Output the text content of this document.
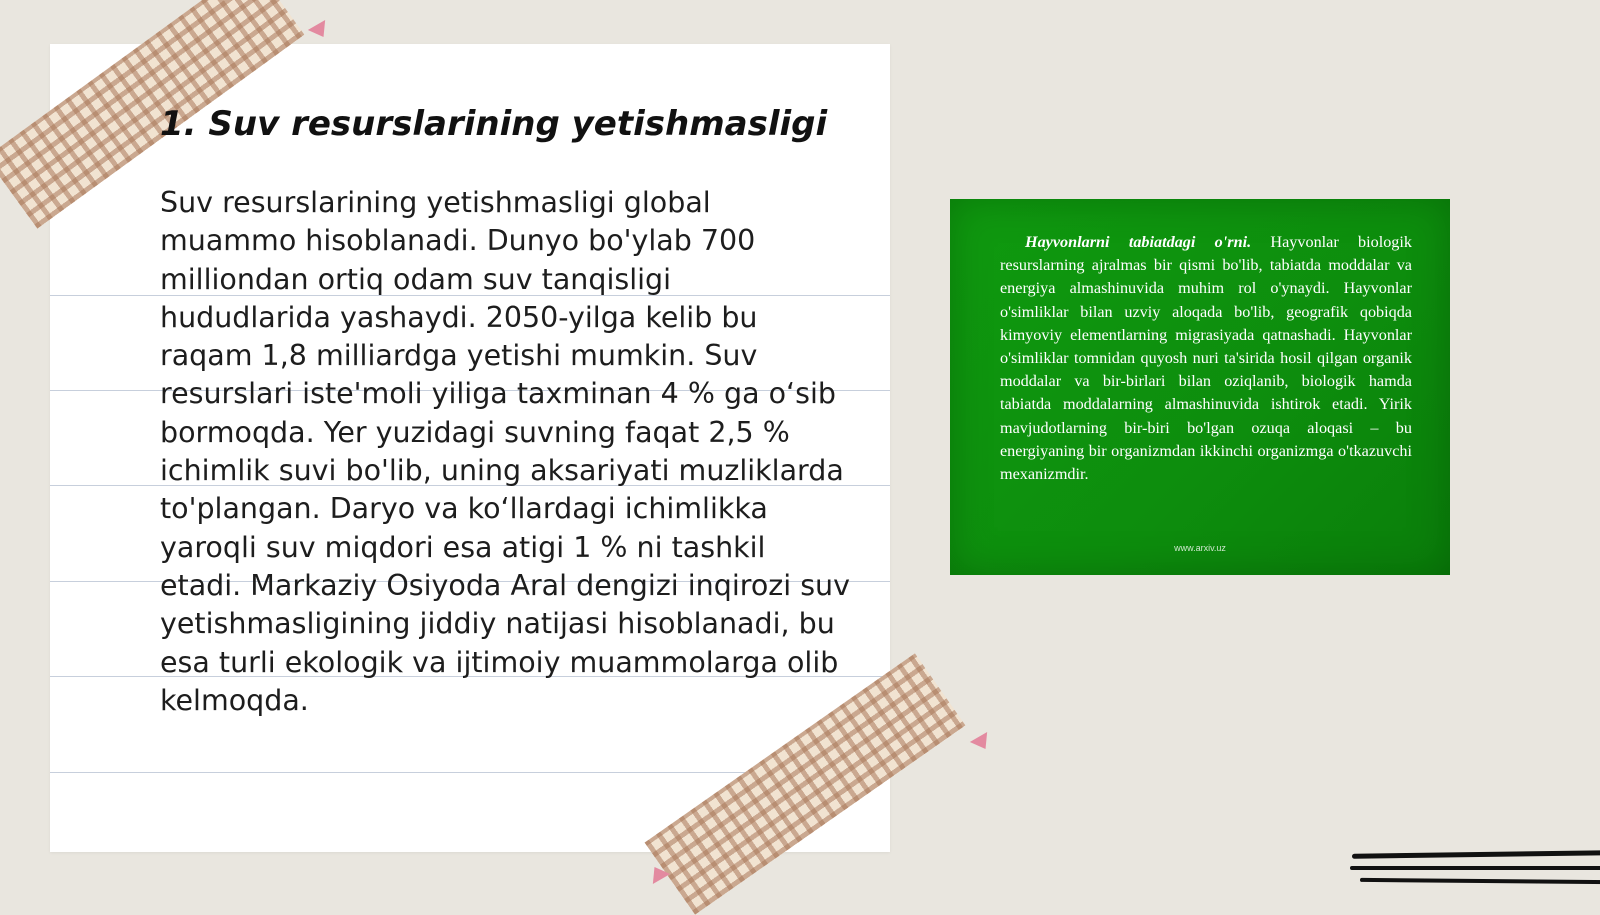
1. Suv resurslarining yetishmasligi

Suv resurslarining yetishmasligi global muammo hisoblanadi. Dunyo bo'ylab 700 milliondan ortiq odam suv tanqisligi hududlarida yashaydi. 2050-yilga kelib bu raqam 1,8 milliardga yetishi mumkin. Suv resurslari iste'moli yiliga taxminan 4 % ga o‘sib bormoqda. Yer yuzidagi suvning faqat 2,5 % ichimlik suvi bo'lib, uning aksariyati muzliklarda to'plangan. Daryo va ko‘llardagi ichimlikka yaroqli suv miqdori esa atigi 1 % ni tashkil etadi. Markaziy Osiyoda Aral dengizi inqirozi suv yetishmasligining jiddiy natijasi hisoblanadi, bu esa turli ekologik va ijtimoiy muammolarga olib kelmoqda.

Hayvonlarni tabiatdagi o'rni. Hayvonlar biologik resurslarning ajralmas bir qismi bo'lib, tabiatda moddalar va energiya almashinuvida muhim rol o'ynaydi. Hayvonlar o'simliklar bilan uzviy aloqada bo'lib, geografik qobiqda kimyoviy elementlarning migrasiyada qatnashadi. Hayvonlar o'simliklar tomnidan quyosh nuri ta'sirida hosil qilgan organik moddalar va bir-birlari bilan oziqlanib, biologik hamda tabiatda moddalarning almashinuvida ishtirok etadi. Yirik mavjudotlarning bir-biri bo'lgan ozuqa aloqasi – bu energiyaning bir organizmdan ikkinchi organizmga o'tkazuvchi mexanizmdir.

www.arxiv.uz
